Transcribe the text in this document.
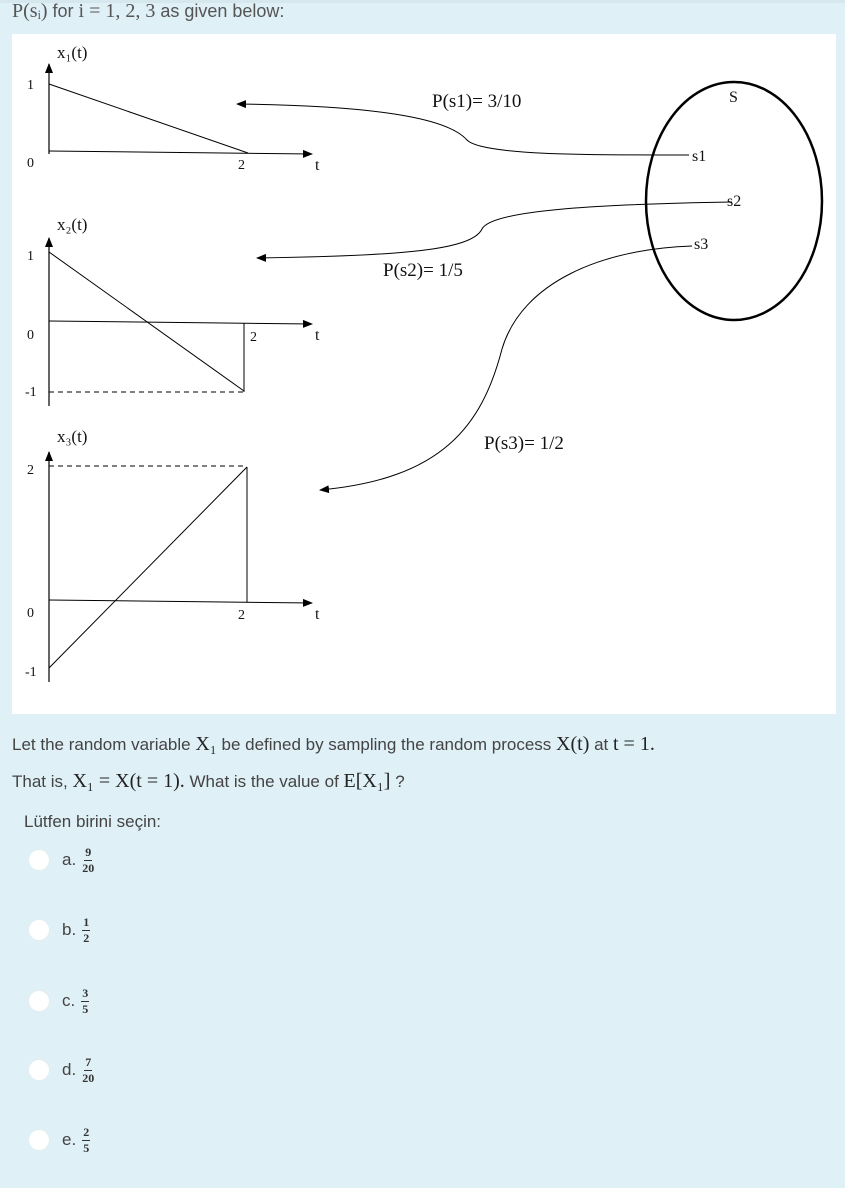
P(sᵢ) for i = 1, 2, 3 as given below:
1
0	2	t
x₁(t)
1
0
-1
2	t
x₂(t)
2
0
-1
2	t
x₃(t)
S
s1
s2
s3
P(s1)= 3/10
P(s2)= 1/5
P(s3)= 1/2
Let the random variable X₁ be defined by sampling the random process X(t) at t = 1.
That is, X₁ = X(t = 1). What is the value of E[X₁] ?
Lütfen birini seçin:
a. $\frac{9}{20}$
b. $\frac{1}{2}$
c. $\frac{3}{5}$
d. $\frac{7}{20}$
e. $\frac{2}{5}$
